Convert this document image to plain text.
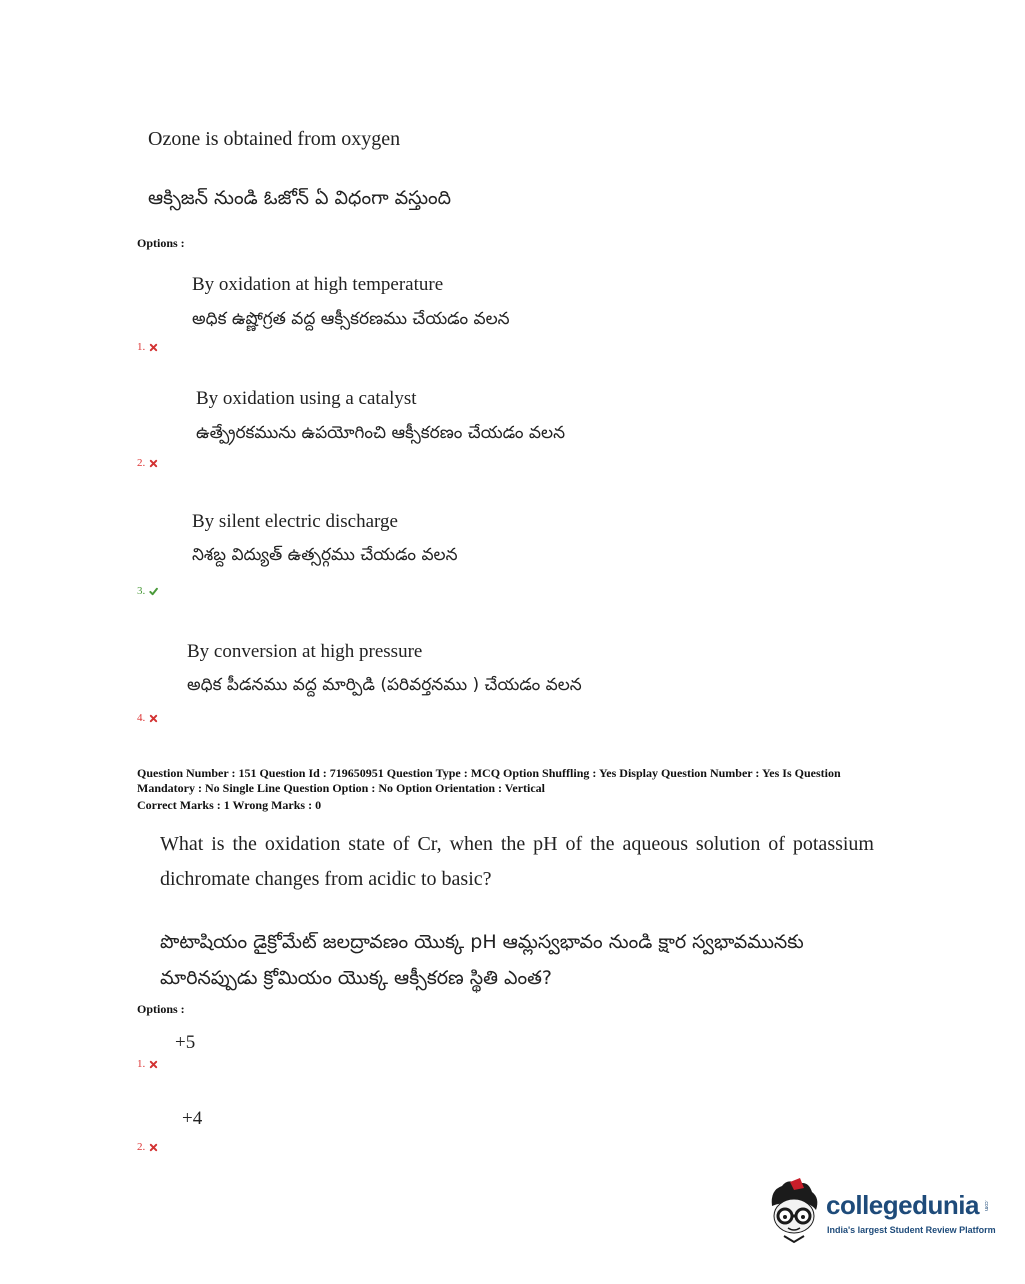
Ozone is obtained from oxygen
ఆక్సిజన్ నుండి ఓజోన్ ఏ విధంగా వస్తుంది
Options :
By oxidation at high temperature
అధిక ఉష్ణోగ్రత వద్ద ఆక్సీకరణము చేయడం వలన
1.
By oxidation using a catalyst
ఉత్ప్రేరకమును ఉపయోగించి ఆక్సీకరణం చేయడం వలన
2.
By silent electric discharge
నిశబ్ద విద్యుత్ ఉత్సర్గము చేయడం వలన
3.
By conversion at high pressure
అధిక పీడనము వద్ద మార్పిడి (పరివర్తనము ) చేయడం వలన
4.
Question Number : 151 Question Id : 719650951 Question Type : MCQ Option Shuffling : Yes Display Question Number : Yes Is Question Mandatory : No Single Line Question Option : No Option Orientation : Vertical
Correct Marks : 1 Wrong Marks : 0
What is the oxidation state of Cr, when the pH of the aqueous solution of potassium dichromate changes from acidic to basic?
పొటాషియం డైక్రోమేట్ జలద్రావణం యొక్క pH ఆమ్లస్వభావం నుండి క్షార స్వభావమునకు మారినప్పుడు క్రోమియం యొక్క ఆక్సీకరణ స్థితి ఎంత?
Options :
+5
1.
+4
2.
collegedunia .com
India's largest Student Review Platform
